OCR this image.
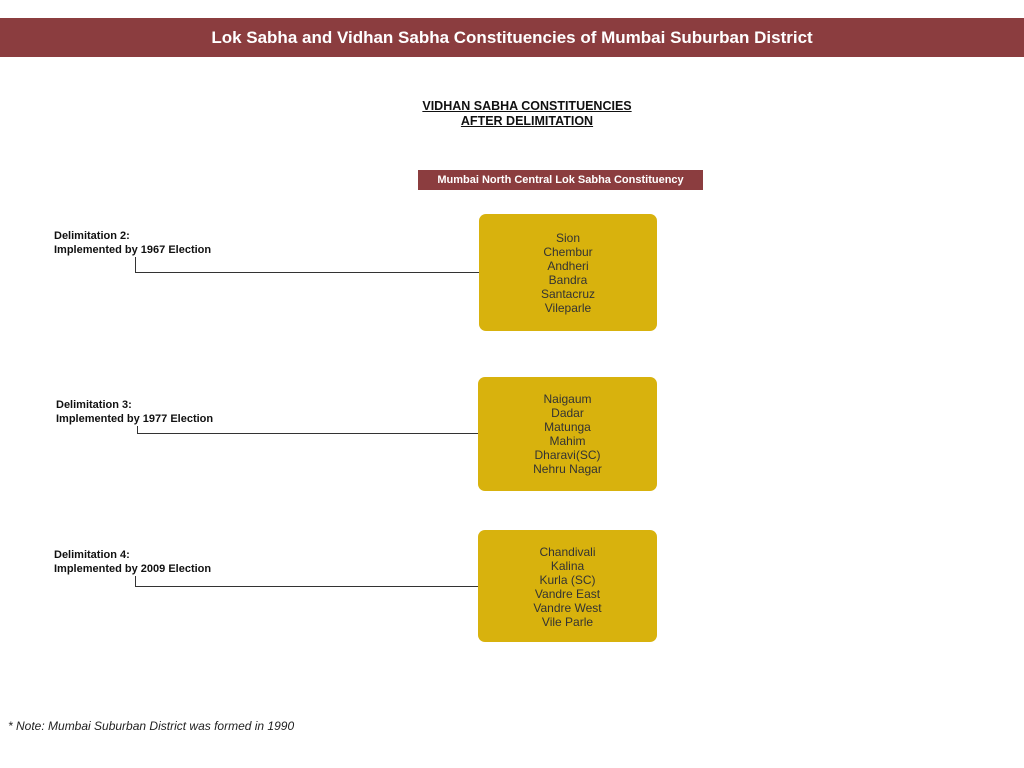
Lok Sabha and Vidhan Sabha Constituencies of Mumbai Suburban District
VIDHAN SABHA CONSTITUENCIES
AFTER DELIMITATION
Mumbai North Central Lok Sabha Constituency
Delimitation 2:
Implemented by 1967 Election
Sion
Chembur
Andheri
Bandra
Santacruz
Vileparle
Delimitation 3:
Implemented by 1977 Election
Naigaum
Dadar
Matunga
Mahim
Dharavi(SC)
Nehru Nagar
Delimitation 4:
Implemented by 2009 Election
Chandivali
Kalina
Kurla (SC)
Vandre East
Vandre West
Vile Parle
* Note: Mumbai Suburban District was formed in 1990
